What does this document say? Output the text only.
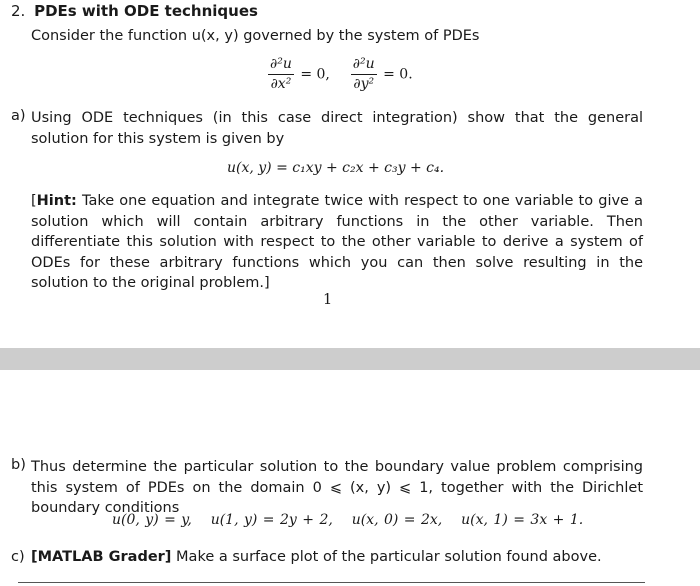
2. PDEs with ODE techniques
Consider the function u(x, y) governed by the system of PDEs
$\frac{\text{∂²u}}{\text{∂x²}} = 0$, $\frac{\text{∂²u}}{\text{∂y²}} = 0$.
a) Using ODE techniques (in this case direct integration) show that the general solution for this system is given by
u(x, y) = c₁xy + c₂x + c₃y + c₄.
[Hint: Take one equation and integrate twice with respect to one variable to give a solution which will contain arbitrary functions in the other variable. Then differentiate this solution with respect to the other variable to derive a system of ODEs for these arbitrary functions which you can then solve resulting in the solution to the original problem.]
1
b) Thus determine the particular solution to the boundary value problem comprising this system of PDEs on the domain 0 ⩽ (x, y) ⩽ 1, together with the Dirichlet boundary conditions
u(0, y) = y, u(1, y) = 2y + 2, u(x, 0) = 2x, u(x, 1) = 3x + 1.
c) [MATLAB Grader] Make a surface plot of the particular solution found above.
